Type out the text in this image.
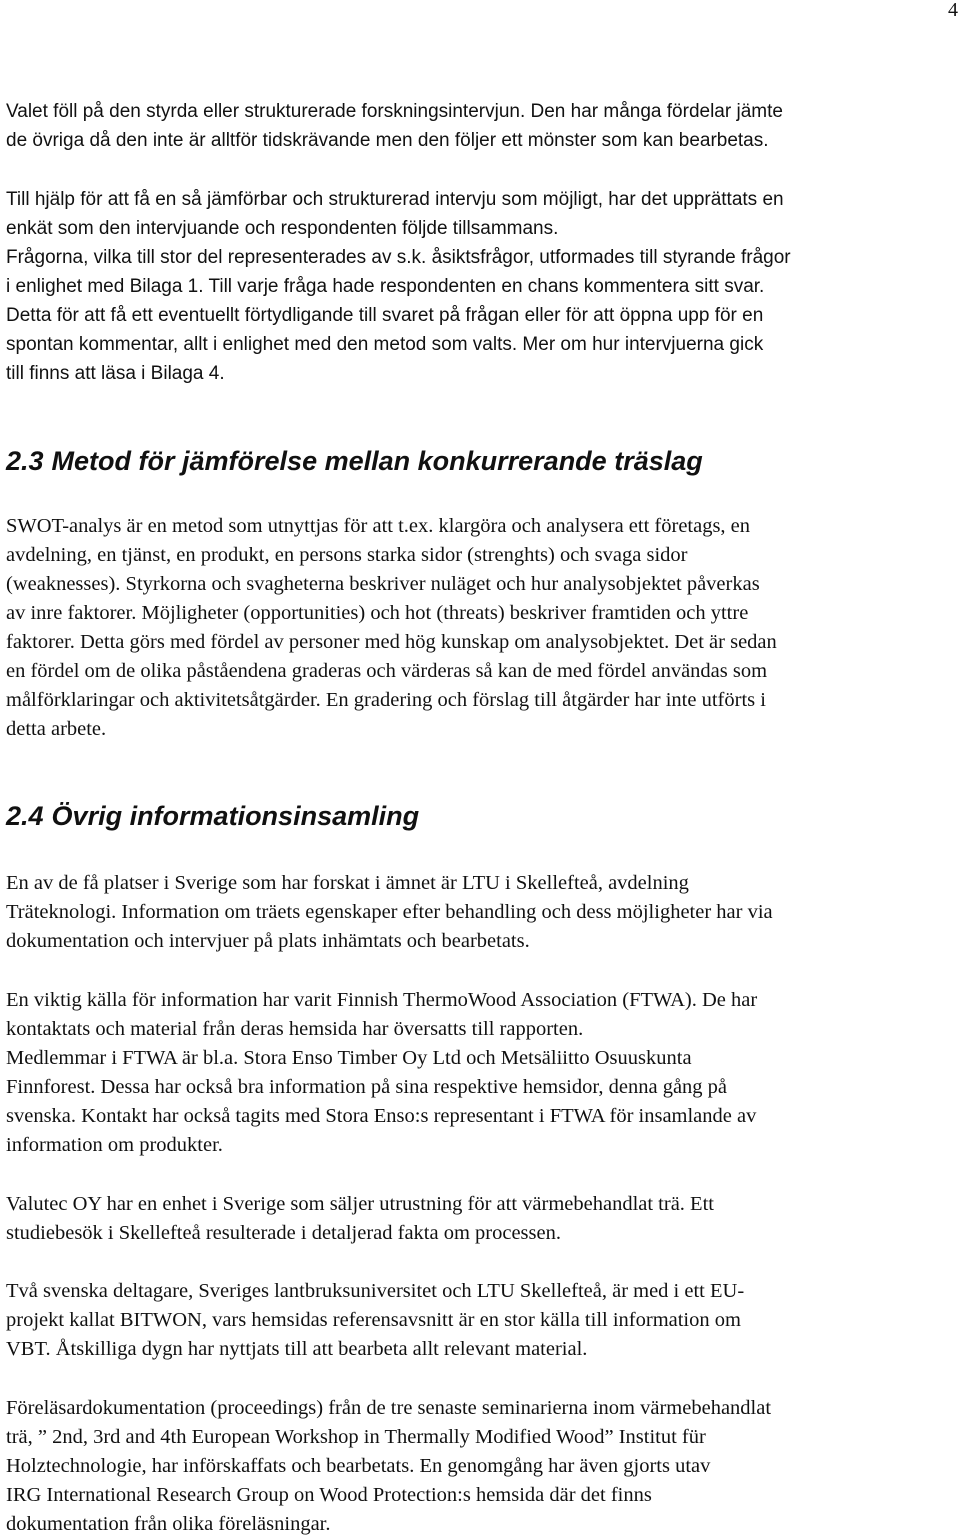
4

Valet föll på den styrda eller strukturerade forskningsintervjun. Den har många fördelar jämte
de övriga då den inte är alltför tidskrävande men den följer ett mönster som kan bearbetas.

Till hjälp för att få en så jämförbar och strukturerad intervju som möjligt, har det upprättats en
enkät som den intervjuande och respondenten följde tillsammans.
Frågorna, vilka till stor del representerades av s.k. åsiktsfrågor, utformades till styrande frågor
i enlighet med Bilaga 1. Till varje fråga hade respondenten en chans kommentera sitt svar.
Detta för att få ett eventuellt förtydligande till svaret på frågan eller för att öppna upp för en
spontan kommentar, allt i enlighet med den metod som valts. Mer om hur intervjuerna gick
till finns att läsa i Bilaga 4.

2.3 Metod för jämförelse mellan konkurrerande träslag

SWOT-analys är en metod som utnyttjas för att t.ex. klargöra och analysera ett företags, en
avdelning, en tjänst, en produkt, en persons starka sidor (strenghts) och svaga sidor
(weaknesses). Styrkorna och svagheterna beskriver nuläget och hur analysobjektet påverkas
av inre faktorer. Möjligheter (opportunities) och hot (threats) beskriver framtiden och yttre
faktorer. Detta görs med fördel av personer med hög kunskap om analysobjektet. Det är sedan
en fördel om de olika påståendena graderas och värderas så kan de med fördel användas som
målförklaringar och aktivitetsåtgärder. En gradering och förslag till åtgärder har inte utförts i
detta arbete.

2.4 Övrig informationsinsamling

En av de få platser i Sverige som har forskat i ämnet är LTU i Skellefteå, avdelning
Träteknologi. Information om träets egenskaper efter behandling och dess möjligheter har via
dokumentation och intervjuer på plats inhämtats och bearbetats.

En viktig källa för information har varit Finnish ThermoWood Association (FTWA). De har
kontaktats och material från deras hemsida har översatts till rapporten.
Medlemmar i FTWA är bl.a. Stora Enso Timber Oy Ltd och Metsäliitto Osuuskunta
Finnforest. Dessa har också bra information på sina respektive hemsidor, denna gång på
svenska. Kontakt har också tagits med Stora Enso:s representant i FTWA för insamlande av
information om produkter.

Valutec OY har en enhet i Sverige som säljer utrustning för att värmebehandlat trä. Ett
studiebesök i Skellefteå resulterade i detaljerad fakta om processen.

Två svenska deltagare, Sveriges lantbruksuniversitet och LTU Skellefteå, är med i ett EU-
projekt kallat BITWON, vars hemsidas referensavsnitt är en stor källa till information om
VBT. Åtskilliga dygn har nyttjats till att bearbeta allt relevant material.

Föreläsardokumentation (proceedings) från de tre senaste seminarierna inom värmebehandlat
trä, ” 2nd, 3rd and 4th European Workshop in Thermally Modified Wood” Institut für
Holztechnologie, har införskaffats och bearbetats. En genomgång har även gjorts utav
IRG International Research Group on Wood Protection:s hemsida där det finns
dokumentation från olika föreläsningar.
